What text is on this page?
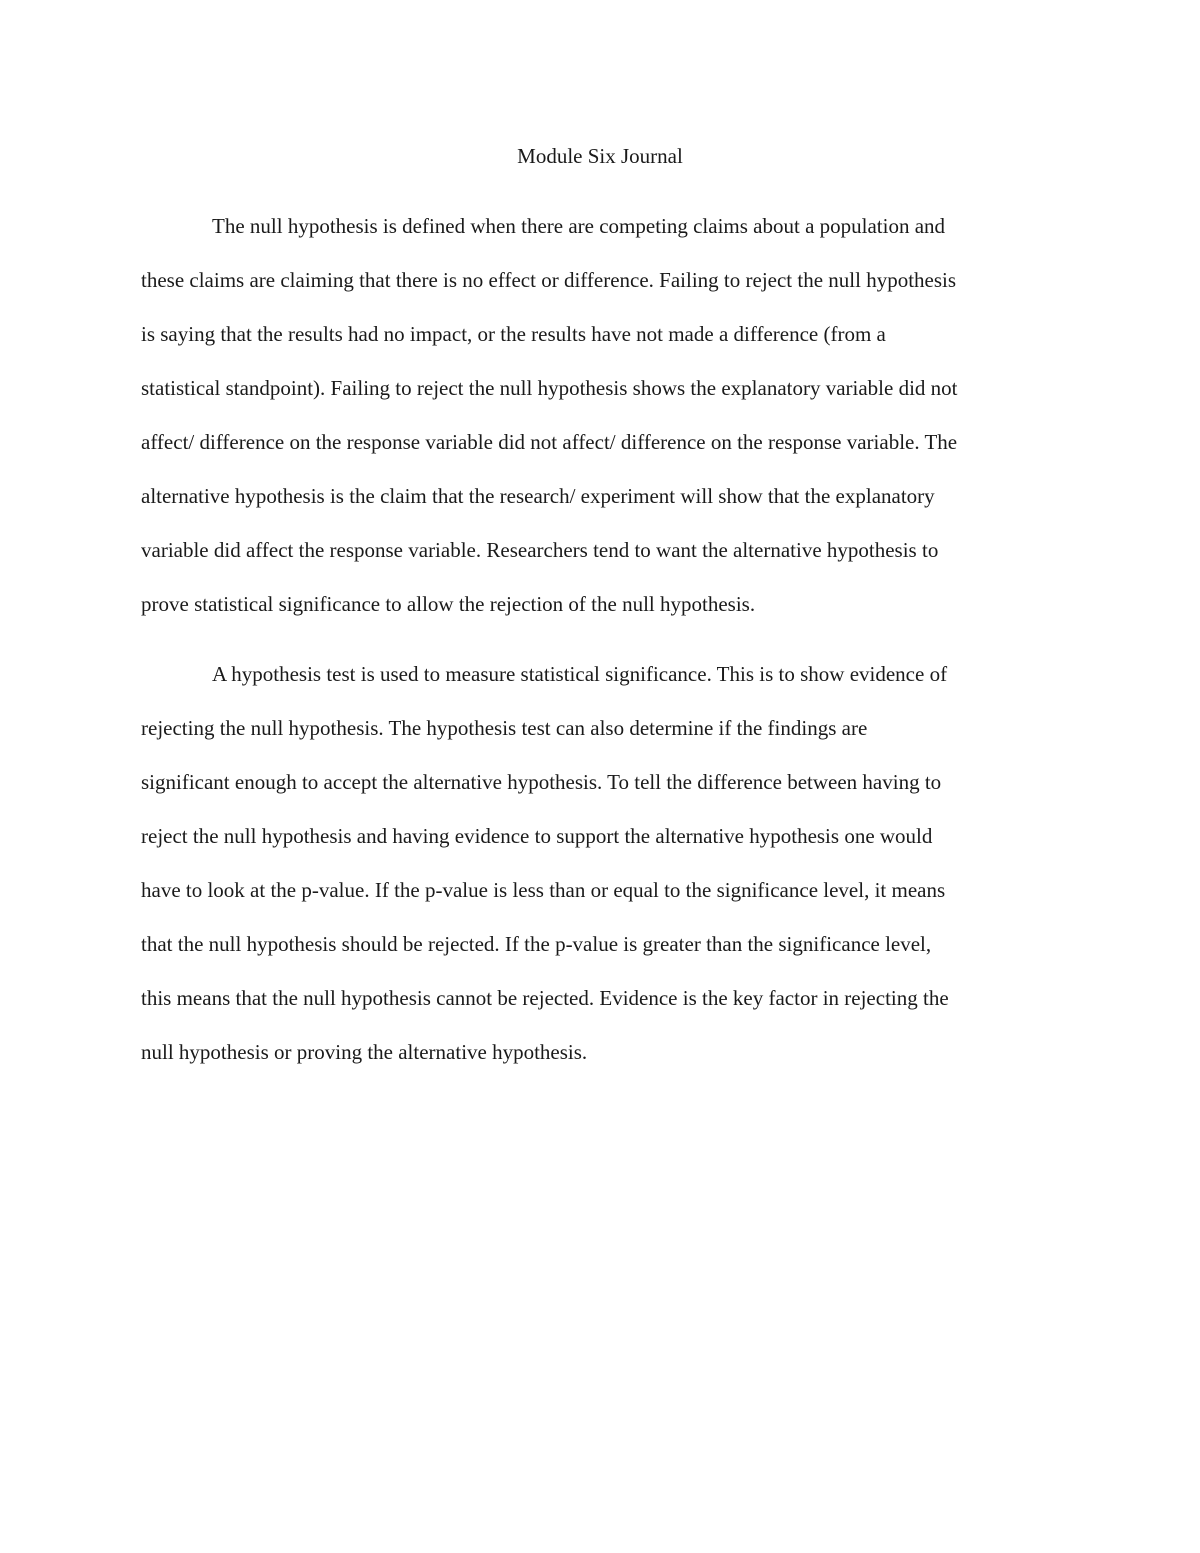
Module Six Journal

The null hypothesis is defined when there are competing claims about a population and

these claims are claiming that there is no effect or difference. Failing to reject the null hypothesis

is saying that the results had no impact, or the results have not made a difference (from a

statistical standpoint). Failing to reject the null hypothesis shows the explanatory variable did not

affect/ difference on the response variable did not affect/ difference on the response variable. The

alternative hypothesis is the claim that the research/ experiment will show that the explanatory

variable did affect the response variable. Researchers tend to want the alternative hypothesis to

prove statistical significance to allow the rejection of the null hypothesis.

A hypothesis test is used to measure statistical significance. This is to show evidence of

rejecting the null hypothesis. The hypothesis test can also determine if the findings are

significant enough to accept the alternative hypothesis. To tell the difference between having to

reject the null hypothesis and having evidence to support the alternative hypothesis one would

have to look at the p-value. If the p-value is less than or equal to the significance level, it means

that the null hypothesis should be rejected. If the p-value is greater than the significance level,

this means that the null hypothesis cannot be rejected. Evidence is the key factor in rejecting the

null hypothesis or proving the alternative hypothesis.
